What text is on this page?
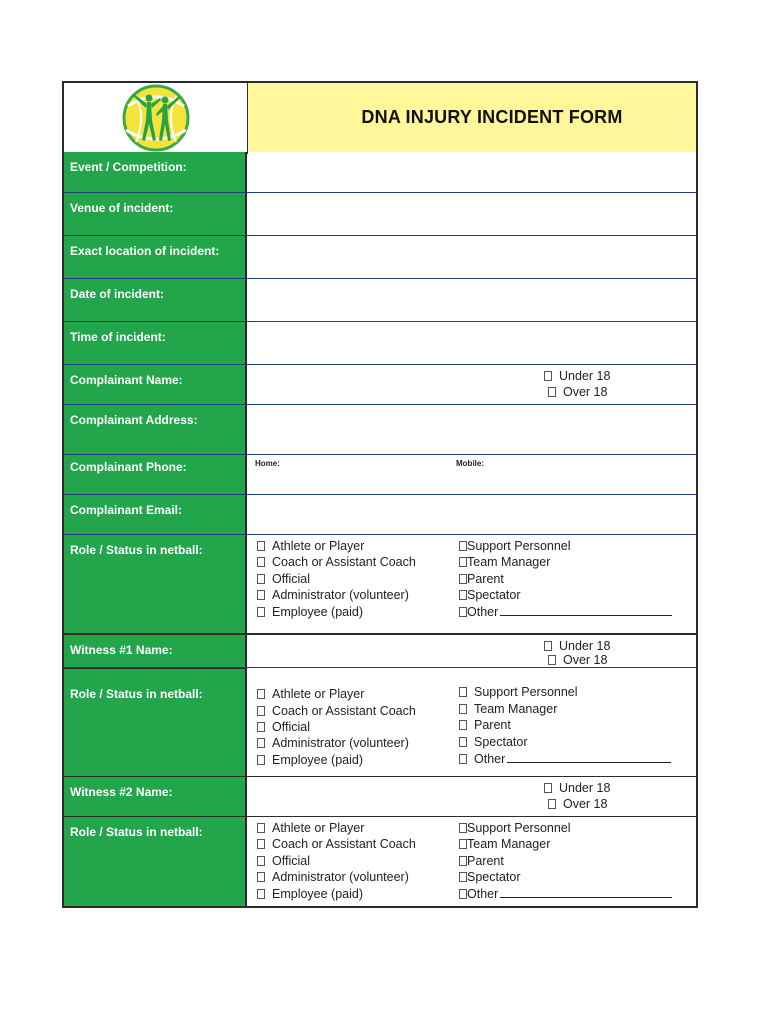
DNA INJURY INCIDENT FORM
Event / Competition:
Venue of incident:
Exact location of incident:
Date of incident:
Time of incident:
Complainant Name:	Under 18
Over 18
Complainant Address:
Complainant Phone:	Home:	Mobile:
Complainant Email:
Role / Status in netball:	Athlete or Player
Coach or Assistant Coach
Official
Administrator (volunteer)
Employee (paid)
Support Personnel
Team Manager
Parent
Spectator
Other
Witness #1 Name:	Under 18
Over 18
Role / Status in netball:	Athlete or Player
Coach or Assistant Coach
Official
Administrator (volunteer)
Employee (paid)
Support Personnel
Team Manager
Parent
Spectator
Other
Witness #2 Name:	Under 18
Over 18
Role / Status in netball:	Athlete or Player
Coach or Assistant Coach
Official
Administrator (volunteer)
Employee (paid)
Support Personnel
Team Manager
Parent
Spectator
Other
